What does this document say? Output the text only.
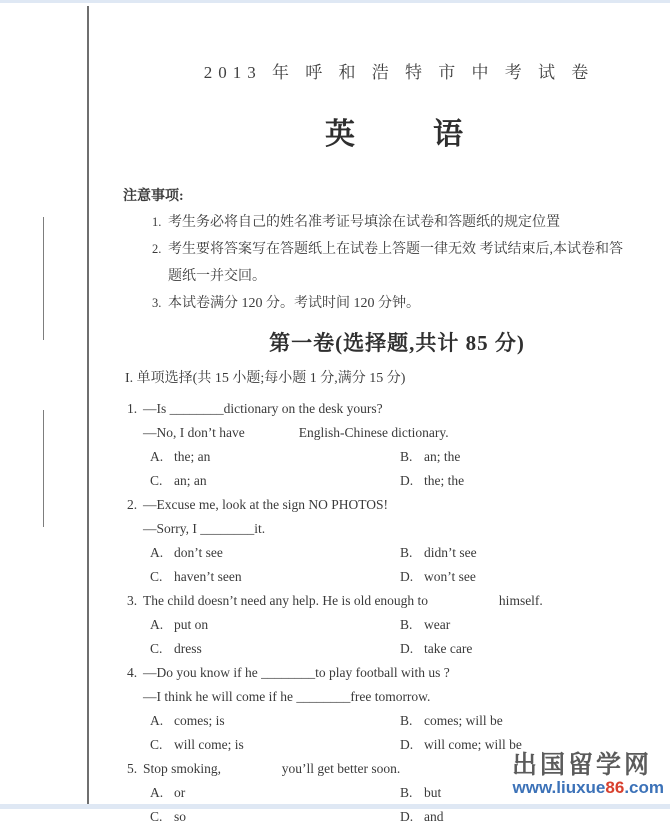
2013 年 呼 和 浩 特 市 中 考 试 卷
英        语
注意事项:
1. 考生务必将自己的姓名准考证号填涂在试卷和答题纸的规定位置
2. 考生要将答案写在答题纸上在试卷上答题一律无效 考试结束后,本试卷和答
题纸一并交回。
3. 本试卷满分 120 分。考试时间 120 分钟。
第一卷(选择题,共计 85 分)
I. 单项选择(共 15 小题;每小题 1 分,满分 15 分)
1. —Is ________dictionary on the desk yours?
—No, I don’t have                English-Chinese dictionary.
A. the; an	B. an; the
C. an; an	D. the; the
2. —Excuse me, look at the sign NO PHOTOS!
—Sorry, I ________it.
A. don’t see	B. didn’t see
C. haven’t seen	D. won’t see
3. The child doesn’t need any help. He is old enough to                     himself.
A. put on	B. wear
C. dress	D. take care
4. —Do you know if he ________to play football with us ?
—I think he will come if he ________free tomorrow.
A. comes; is	B. comes; will be
C. will come; is	D. will come; will be
5. Stop smoking,                  you’ll get better soon.
A. or	B. but
C. so	D. and
出国留学网
www.liuxue86.com
